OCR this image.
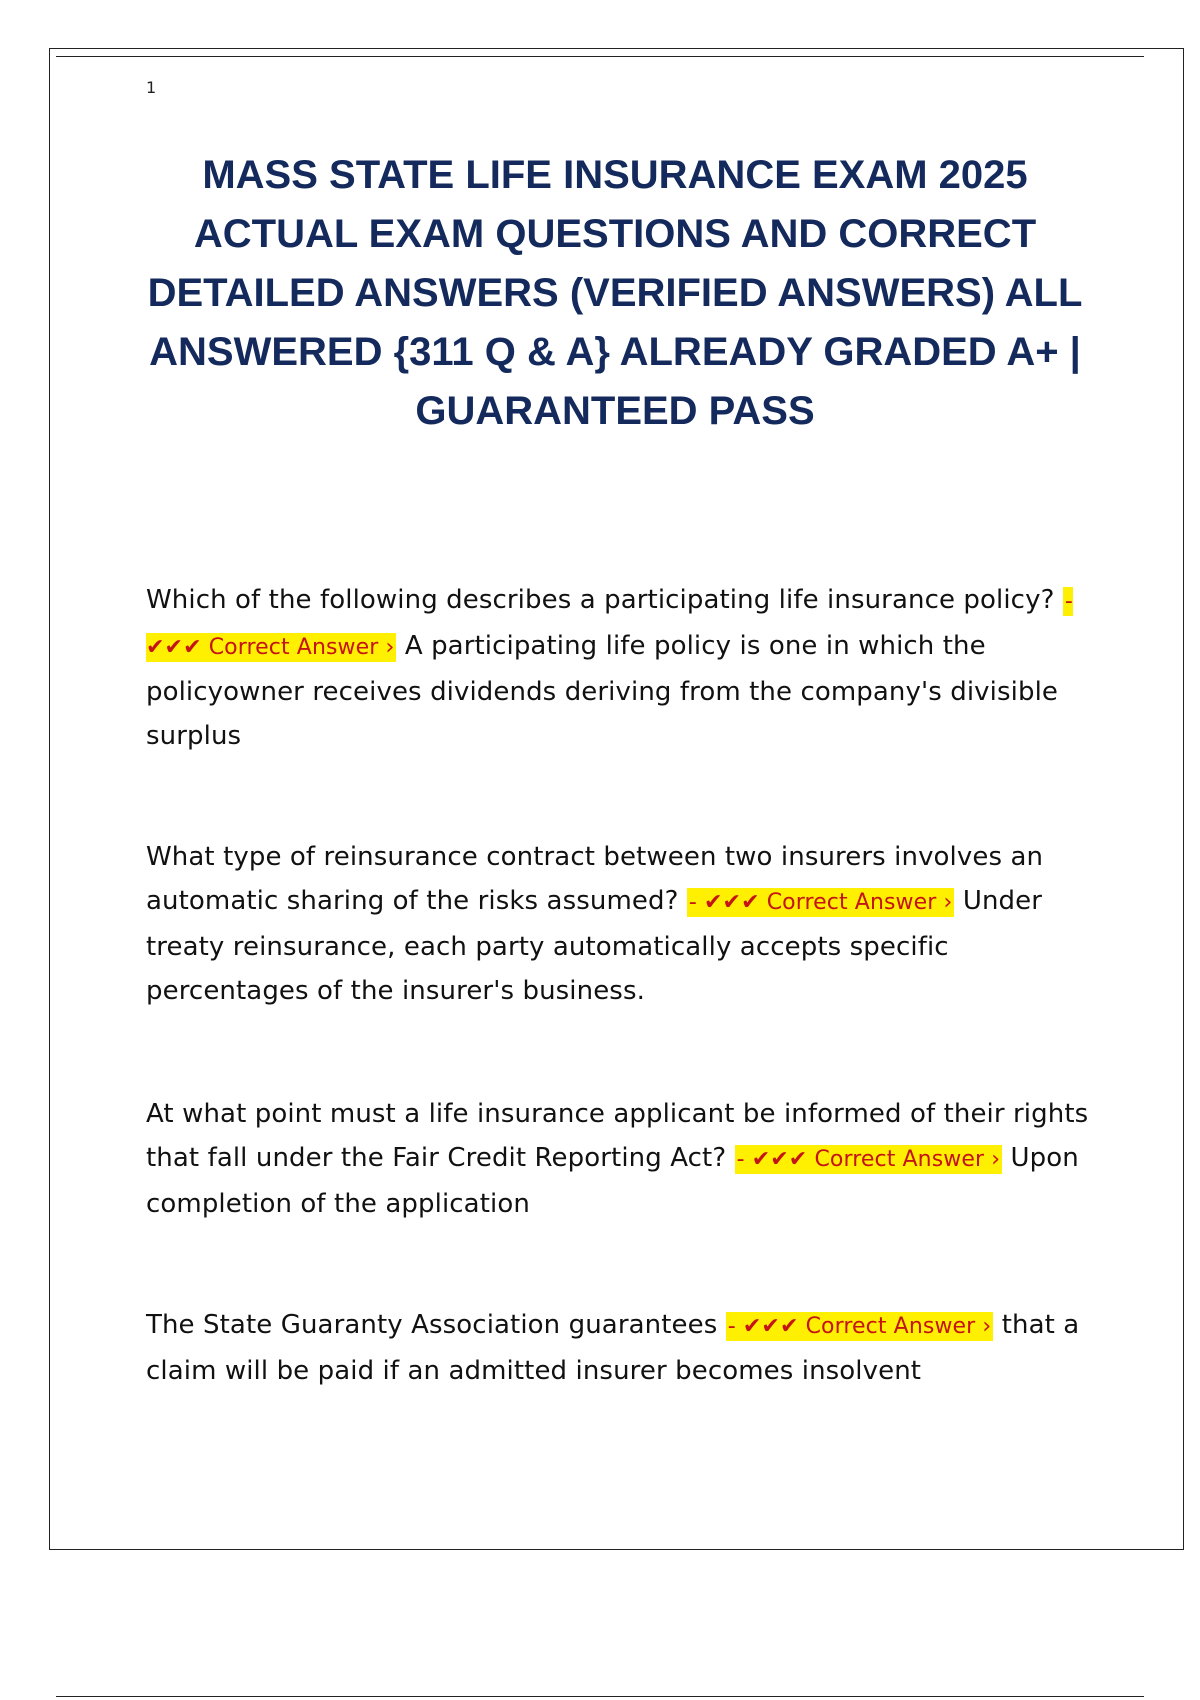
1
MASS STATE LIFE INSURANCE EXAM 2025 ACTUAL EXAM QUESTIONS AND CORRECT DETAILED ANSWERS (VERIFIED ANSWERS) ALL ANSWERED {311 Q & A} ALREADY GRADED A+ | GUARANTEED PASS
Which of the following describes a participating life insurance policy? - ✔✔✔ Correct Answer › A participating life policy is one in which the policyowner receives dividends deriving from the company's divisible surplus
What type of reinsurance contract between two insurers involves an automatic sharing of the risks assumed? - ✔✔✔ Correct Answer › Under treaty reinsurance, each party automatically accepts specific percentages of the insurer's business.
At what point must a life insurance applicant be informed of their rights that fall under the Fair Credit Reporting Act? - ✔✔✔ Correct Answer › Upon completion of the application
The State Guaranty Association guarantees - ✔✔✔ Correct Answer › that a claim will be paid if an admitted insurer becomes insolvent
